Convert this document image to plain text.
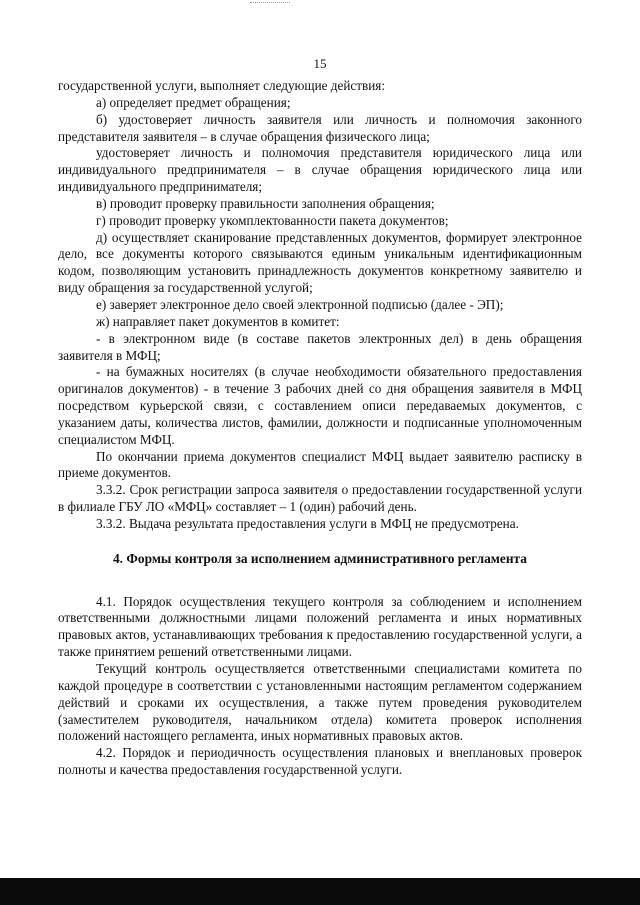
15

государственной услуги, выполняет следующие действия:

а) определяет предмет обращения;

б) удостоверяет личность заявителя или личность и полномочия законного представителя заявителя – в случае обращения физического лица;

удостоверяет личность и полномочия представителя юридического лица или индивидуального предпринимателя – в случае обращения юридического лица или индивидуального предпринимателя;

в) проводит проверку правильности заполнения обращения;

г) проводит проверку укомплектованности пакета документов;

д) осуществляет сканирование представленных документов, формирует электронное дело, все документы которого связываются единым уникальным идентификационным кодом, позволяющим установить принадлежность документов конкретному заявителю и виду обращения за государственной услугой;

е) заверяет электронное дело своей электронной подписью (далее - ЭП);

ж) направляет пакет документов в комитет:

- в электронном виде (в составе пакетов электронных дел) в день обращения заявителя в МФЦ;

- на бумажных носителях (в случае необходимости обязательного предоставления оригиналов документов) - в течение 3 рабочих дней со дня обращения заявителя в МФЦ посредством курьерской связи, с составлением описи передаваемых документов, с указанием даты, количества листов, фамилии, должности и подписанные уполномоченным специалистом МФЦ.

По окончании приема документов специалист МФЦ выдает заявителю расписку в приеме документов.

3.3.2. Срок регистрации запроса заявителя о предоставлении государственной услуги в филиале ГБУ ЛО «МФЦ» составляет – 1 (один) рабочий день.

3.3.2. Выдача результата предоставления услуги в МФЦ не предусмотрена.

4. Формы контроля за исполнением административного регламента

4.1. Порядок осуществления текущего контроля за соблюдением и исполнением ответственными должностными лицами положений регламента и иных нормативных правовых актов, устанавливающих требования к предоставлению государственной услуги, а также принятием решений ответственными лицами.

Текущий контроль осуществляется ответственными специалистами комитета по каждой процедуре в соответствии с установленными настоящим регламентом содержанием действий и сроками их осуществления, а также путем проведения руководителем (заместителем руководителя, начальником отдела) комитета проверок исполнения положений настоящего регламента, иных нормативных правовых актов.

4.2. Порядок и периодичность осуществления плановых и внеплановых проверок полноты и качества предоставления государственной услуги.
